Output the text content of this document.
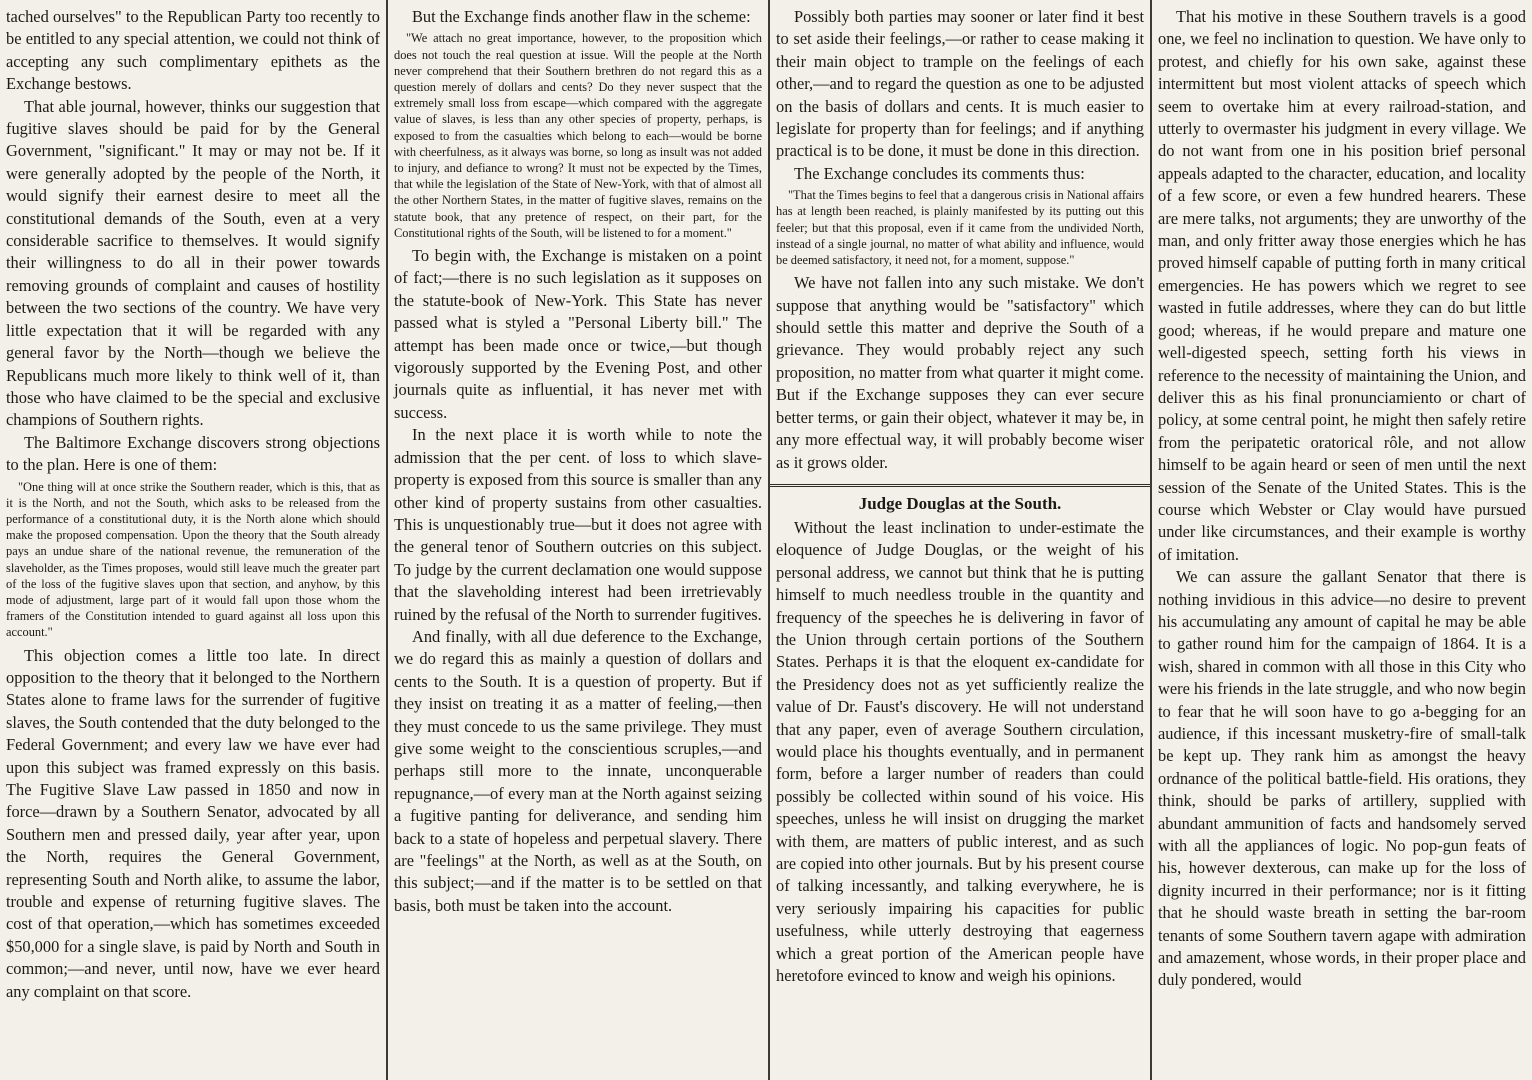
tached ourselves" to the Republican Party too recently to be entitled to any special attention, we could not think of accepting any such complimentary epithets as the Exchange bestows.

That able journal, however, thinks our suggestion that fugitive slaves should be paid for by the General Government, "significant." It may or may not be. If it were generally adopted by the people of the North, it would signify their earnest desire to meet all the constitutional demands of the South, even at a very considerable sacrifice to themselves. It would signify their willingness to do all in their power towards removing grounds of complaint and causes of hostility between the two sections of the country. We have very little expectation that it will be regarded with any general favor by the North—though we believe the Republicans much more likely to think well of it, than those who have claimed to be the special and exclusive champions of Southern rights.

The Baltimore Exchange discovers strong objections to the plan. Here is one of them:

"One thing will at once strike the Southern reader, which is this, that as it is the North, and not the South, which asks to be released from the performance of a constitutional duty, it is the North alone which should make the proposed compensation. Upon the theory that the South already pays an undue share of the national revenue, the remuneration of the slaveholder, as the Times proposes, would still leave much the greater part of the loss of the fugitive slaves upon that section, and anyhow, by this mode of adjustment, large part of it would fall upon those whom the framers of the Constitution intended to guard against all loss upon this account."

This objection comes a little too late. In direct opposition to the theory that it belonged to the Northern States alone to frame laws for the surrender of fugitive slaves, the South contended that the duty belonged to the Federal Government; and every law we have ever had upon this subject was framed expressly on this basis. The Fugitive Slave Law passed in 1850 and now in force—drawn by a Southern Senator, advocated by all Southern men and pressed daily, year after year, upon the North, requires the General Government, representing South and North alike, to assume the labor, trouble and expense of returning fugitive slaves. The cost of that operation,—which has sometimes exceeded $50,000 for a single slave, is paid by North and South in common;—and never, until now, have we ever heard any complaint on that score.

But the Exchange finds another flaw in the scheme:

"We attach no great importance, however, to the proposition which does not touch the real question at issue. Will the people at the North never comprehend that their Southern brethren do not regard this as a question merely of dollars and cents? Do they never suspect that the extremely small loss from escape—which compared with the aggregate value of slaves, is less than any other species of property, perhaps, is exposed to from the casualties which belong to each—would be borne with cheerfulness, as it always was borne, so long as insult was not added to injury, and defiance to wrong? It must not be expected by the Times, that while the legislation of the State of New-York, with that of almost all the other Northern States, in the matter of fugitive slaves, remains on the statute book, that any pretence of respect, on their part, for the Constitutional rights of the South, will be listened to for a moment."

To begin with, the Exchange is mistaken on a point of fact;—there is no such legislation as it supposes on the statute-book of New-York. This State has never passed what is styled a "Personal Liberty bill." The attempt has been made once or twice,—but though vigorously supported by the Evening Post, and other journals quite as influential, it has never met with success.

In the next place it is worth while to note the admission that the per cent. of loss to which slave-property is exposed from this source is smaller than any other kind of property sustains from other casualties. This is unquestionably true—but it does not agree with the general tenor of Southern outcries on this subject. To judge by the current declamation one would suppose that the slaveholding interest had been irretrievably ruined by the refusal of the North to surrender fugitives.

And finally, with all due deference to the Exchange, we do regard this as mainly a question of dollars and cents to the South. It is a question of property. But if they insist on treating it as a matter of feeling,—then they must concede to us the same privilege. They must give some weight to the conscientious scruples,—and perhaps still more to the innate, unconquerable repugnance,—of every man at the North against seizing a fugitive panting for deliverance, and sending him back to a state of hopeless and perpetual slavery. There are "feelings" at the North, as well as at the South, on this subject;—and if the matter is to be settled on that basis, both must be taken into the account.

Possibly both parties may sooner or later find it best to set aside their feelings,—or rather to cease making it their main object to trample on the feelings of each other,—and to regard the question as one to be adjusted on the basis of dollars and cents. It is much easier to legislate for property than for feelings; and if anything practical is to be done, it must be done in this direction.

The Exchange concludes its comments thus:

"That the Times begins to feel that a dangerous crisis in National affairs has at length been reached, is plainly manifested by its putting out this feeler; but that this proposal, even if it came from the undivided North, instead of a single journal, no matter of what ability and influence, would be deemed satisfactory, it need not, for a moment, suppose."

We have not fallen into any such mistake. We don't suppose that anything would be "satisfactory" which should settle this matter and deprive the South of a grievance. They would probably reject any such proposition, no matter from what quarter it might come. But if the Exchange supposes they can ever secure better terms, or gain their object, whatever it may be, in any more effectual way, it will probably become wiser as it grows older.

Judge Douglas at the South.

Without the least inclination to under-estimate the eloquence of Judge Douglas, or the weight of his personal address, we cannot but think that he is putting himself to much needless trouble in the quantity and frequency of the speeches he is delivering in favor of the Union through certain portions of the Southern States. Perhaps it is that the eloquent ex-candidate for the Presidency does not as yet sufficiently realize the value of Dr. Faust's discovery. He will not understand that any paper, even of average Southern circulation, would place his thoughts eventually, and in permanent form, before a larger number of readers than could possibly be collected within sound of his voice. His speeches, unless he will insist on drugging the market with them, are matters of public interest, and as such are copied into other journals. But by his present course of talking incessantly, and talking everywhere, he is very seriously impairing his capacities for public usefulness, while utterly destroying that eagerness which a great portion of the American people have heretofore evinced to know and weigh his opinions.

That his motive in these Southern travels is a good one, we feel no inclination to question. We have only to protest, and chiefly for his own sake, against these intermittent but most violent attacks of speech which seem to overtake him at every railroad-station, and utterly to overmaster his judgment in every village. We do not want from one in his position brief personal appeals adapted to the character, education, and locality of a few score, or even a few hundred hearers. These are mere talks, not arguments; they are unworthy of the man, and only fritter away those energies which he has proved himself capable of putting forth in many critical emergencies. He has powers which we regret to see wasted in futile addresses, where they can do but little good; whereas, if he would prepare and mature one well-digested speech, setting forth his views in reference to the necessity of maintaining the Union, and deliver this as his final pronunciamiento or chart of policy, at some central point, he might then safely retire from the peripatetic oratorical rôle, and not allow himself to be again heard or seen of men until the next session of the Senate of the United States. This is the course which Webster or Clay would have pursued under like circumstances, and their example is worthy of imitation.

We can assure the gallant Senator that there is nothing invidious in this advice—no desire to prevent his accumulating any amount of capital he may be able to gather round him for the campaign of 1864. It is a wish, shared in common with all those in this City who were his friends in the late struggle, and who now begin to fear that he will soon have to go a-begging for an audience, if this incessant musketry-fire of small-talk be kept up. They rank him as amongst the heavy ordnance of the political battle-field. His orations, they think, should be parks of artillery, supplied with abundant ammunition of facts and handsomely served with all the appliances of logic. No pop-gun feats of his, however dexterous, can make up for the loss of dignity incurred in their performance; nor is it fitting that he should waste breath in setting the bar-room tenants of some Southern tavern agape with admiration and amazement, whose words, in their proper place and duly pondered, would
